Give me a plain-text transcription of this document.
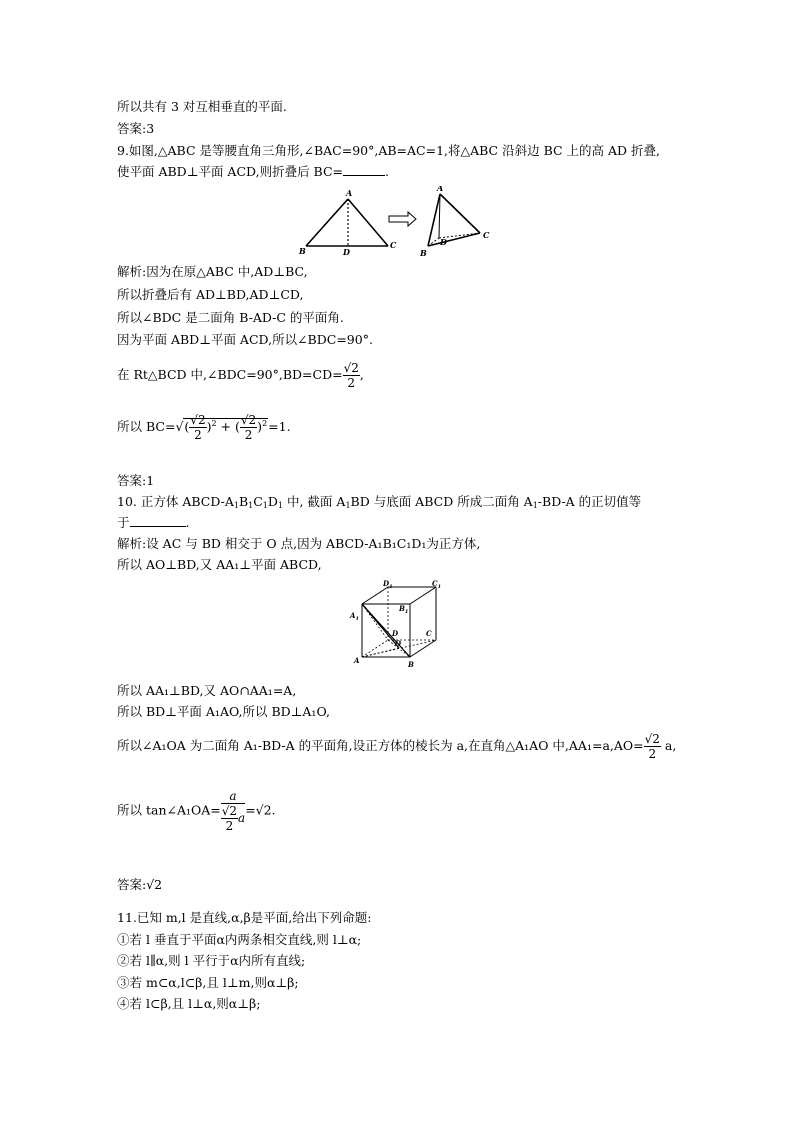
所以共有 3 对互相垂直的平面.
答案:3
9.如图,△ABC 是等腰直角三角形,∠BAC=90°,AB=AC=1,将△ABC 沿斜边 BC 上的高 AD 折叠,
使平面 ABD⊥平面 ACD,则折叠后 BC=	.
A
B	D
C
A
B
D
C
解析:因为在原△ABC 中,AD⊥BC,
所以折叠后有 AD⊥BD,AD⊥CD,
所以∠BDC 是二面角 B-AD-C 的平面角.
因为平面 ABD⊥平面 ACD,所以∠BDC=90°.
在 Rt△BCD 中,∠BDC=90°,BD=CD= $\frac{√2}{2}$ ,
所以 $BC=√( \frac{√2}{2} )^2$ + ( $\frac{√2}{2} )^2=1$.
答案:1
10. 正方体 ABCD-$A_1B_1C_1D_1$ 中, 截面 $A_1BD$ 与底面 ABCD 所成二面角 $A_1-BD-A$ 的正切值等
于	.
解析:设 AC 与 BD 相交于 O 点,因为 ABCD-A₁B₁C₁D₁为正方体,
所以 AO⊥BD,又 AA₁⊥平面 ABCD,
$D_1$	$C_1$
$B_1$
$A_1$
D	C
O
A	B
所以 AA₁⊥BD,又 AO∩AA₁=A,
所以 BD⊥平面 A₁AO,所以 BD⊥A₁O,
所以∠A₁OA 为二面角 A₁-BD-A 的平面角,设正方体的棱长为 a,在直角△A₁AO 中$,AA_1=a,AO= \frac{√2}{2} a$,
所以 tan∠A₁OA= $\frac{a}{\frac{√2}{2} a} =√2$.
答案:√2
11.已知 m,l 是直线,α,β是平面,给出下列命题:
①若 l 垂直于平面α内两条相交直线,则 l⊥α;
②若 l∥α,则 l 平行于α内所有直线;
③若 m⊂α,l⊂β,且 l⊥m,则α⊥β;
④若 l⊂β,且 l⊥α,则α⊥β;
